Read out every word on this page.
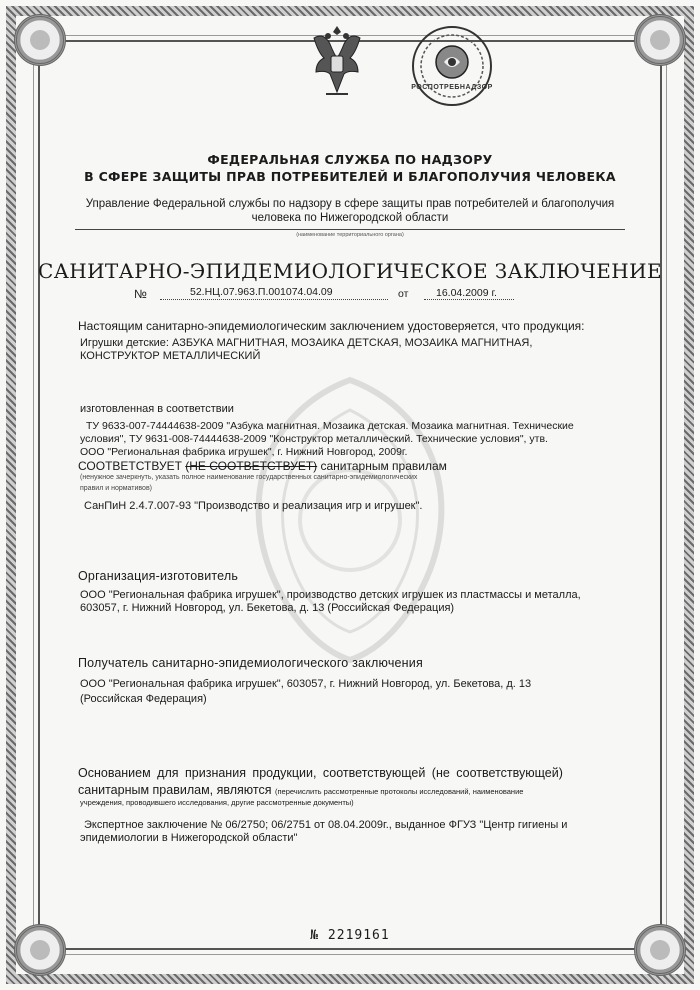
РОСПОТРЕБНАДЗОР
ФЕДЕРАЛЬНАЯ СЛУЖБА ПО НАДЗОРУ
В СФЕРЕ ЗАЩИТЫ ПРАВ ПОТРЕБИТЕЛЕЙ И БЛАГОПОЛУЧИЯ ЧЕЛОВЕКА
Управление Федеральной службы по надзору в сфере защиты прав потребителей и благополучия
человека по Нижегородской области
(наименование территориального органа)
САНИТАРНО-ЭПИДЕМИОЛОГИЧЕСКОЕ ЗАКЛЮЧЕНИЕ
№	52.НЦ.07.963.П.001074.04.09	от	16.04.2009 г.
Настоящим санитарно-эпидемиологическим заключением удостоверяется, что продукция:
Игрушки детские: АЗБУКА МАГНИТНАЯ, МОЗАИКА ДЕТСКАЯ, МОЗАИКА МАГНИТНАЯ,
КОНСТРУКТОР МЕТАЛЛИЧЕСКИЙ
изготовленная в соответствии
ТУ 9633-007-74444638-2009 "Азбука магнитная. Мозаика детская. Мозаика магнитная. Технические
условия", ТУ 9631-008-74444638-2009 "Конструктор металлический. Технические условия", утв.
ООО "Региональная фабрика игрушек", г. Нижний Новгород, 2009г.
СООТВЕТСТВУЕТ (НЕ СООТВЕТСТВУЕТ) санитарным правилам
(ненужное зачеркнуть, указать полное наименование государственных санитарно-эпидемиологических
правил и нормативов)
СанПиН 2.4.7.007-93 "Производство и реализация игр и игрушек".
Организация-изготовитель
ООО "Региональная фабрика игрушек", производство детских игрушек из пластмассы и металла,
603057, г. Нижний Новгород, ул. Бекетова, д. 13 (Российская Федерация)
Получатель санитарно-эпидемиологического заключения
ООО "Региональная фабрика игрушек", 603057, г. Нижний Новгород, ул. Бекетова, д. 13
(Российская Федерация)
Основанием для признания продукции, соответствующей (не соответствующей)
санитарным правилам, являются (перечислить рассмотренные протоколы исследований, наименование
учреждения, проводившего исследования, другие рассмотренные документы)
Экспертное заключение № 06/2750; 06/2751 от 08.04.2009г., выданное ФГУЗ "Центр гигиены и
эпидемиологии в Нижегородской области"
№ 2219161
